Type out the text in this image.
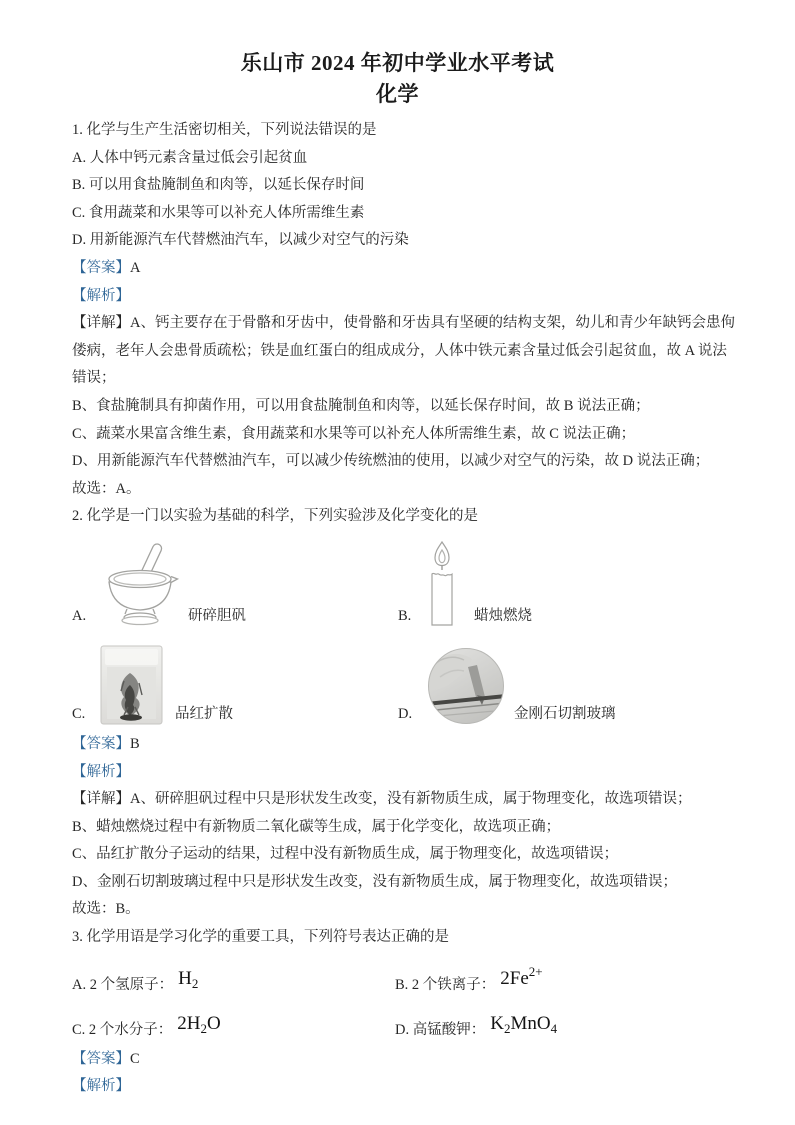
乐山市 2024 年初中学业水平考试
化学
1. 化学与生产生活密切相关，下列说法错误的是
A. 人体中钙元素含量过低会引起贫血
B. 可以用食盐腌制鱼和肉等，以延长保存时间
C. 食用蔬菜和水果等可以补充人体所需维生素
D. 用新能源汽车代替燃油汽车，以减少对空气的污染
【答案】A
【解析】
【详解】A、钙主要存在于骨骼和牙齿中，使骨骼和牙齿具有坚硬的结构支架，幼儿和青少年缺钙会患佝
偻病，老年人会患骨质疏松；铁是血红蛋白的组成成分，人体中铁元素含量过低会引起贫血，故 A 说法
错误；
B、食盐腌制具有抑菌作用，可以用食盐腌制鱼和肉等，以延长保存时间，故 B 说法正确；
C、蔬菜水果富含维生素，食用蔬菜和水果等可以补充人体所需维生素，故 C 说法正确；
D、用新能源汽车代替燃油汽车，可以减少传统燃油的使用，以减少对空气的污染，故 D 说法正确；
故选：A。
2. 化学是一门以实验为基础的科学，下列实验涉及化学变化的是
A.	研碎胆矾	B.	蜡烛燃烧
C.	品红扩散	D.	金刚石切割玻璃
【答案】B
【解析】
【详解】A、研碎胆矾过程中只是形状发生改变，没有新物质生成，属于物理变化，故选项错误；
B、蜡烛燃烧过程中有新物质二氧化碳等生成，属于化学变化，故选项正确；
C、品红扩散分子运动的结果，过程中没有新物质生成，属于物理变化，故选项错误；
D、金刚石切割玻璃过程中只是形状发生改变，没有新物质生成，属于物理变化，故选项错误；
故选：B。
3. 化学用语是学习化学的重要工具，下列符号表达正确的是
A. 2 个氢原子： $H_2$	B. 2 个铁离子： $2Fe^{2+}$
C. 2 个水分子： $2H_2O$	D. 高锰酸钾： $K_2MnO_4$
【答案】C
【解析】
